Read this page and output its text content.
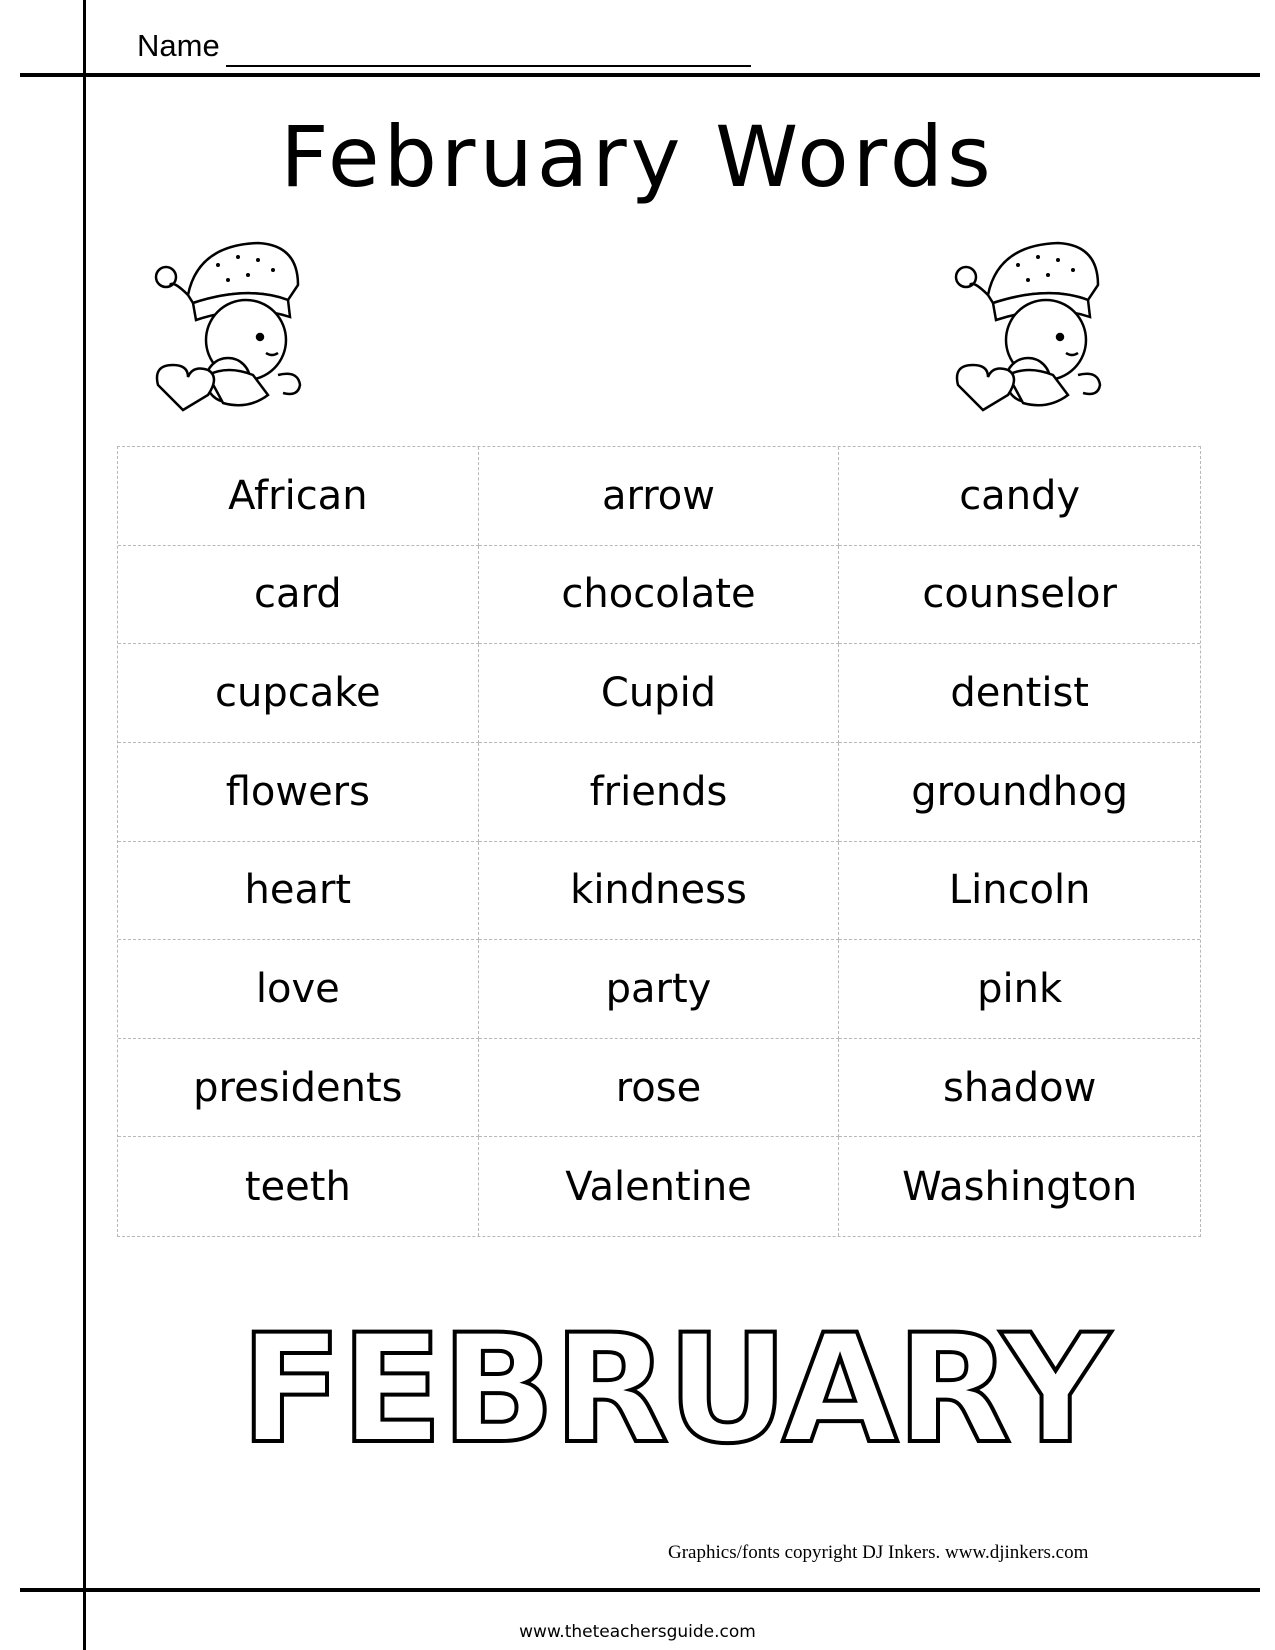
Name
February Words
African	arrow	candy
card	chocolate	counselor
cupcake	Cupid	dentist
flowers	friends	groundhog
heart	kindness	Lincoln
love	party	pink
presidents	rose	shadow
teeth	Valentine	Washington
FEBRUARY
Graphics/fonts copyright DJ Inkers. www.djinkers.com
www.theteachersguide.com
